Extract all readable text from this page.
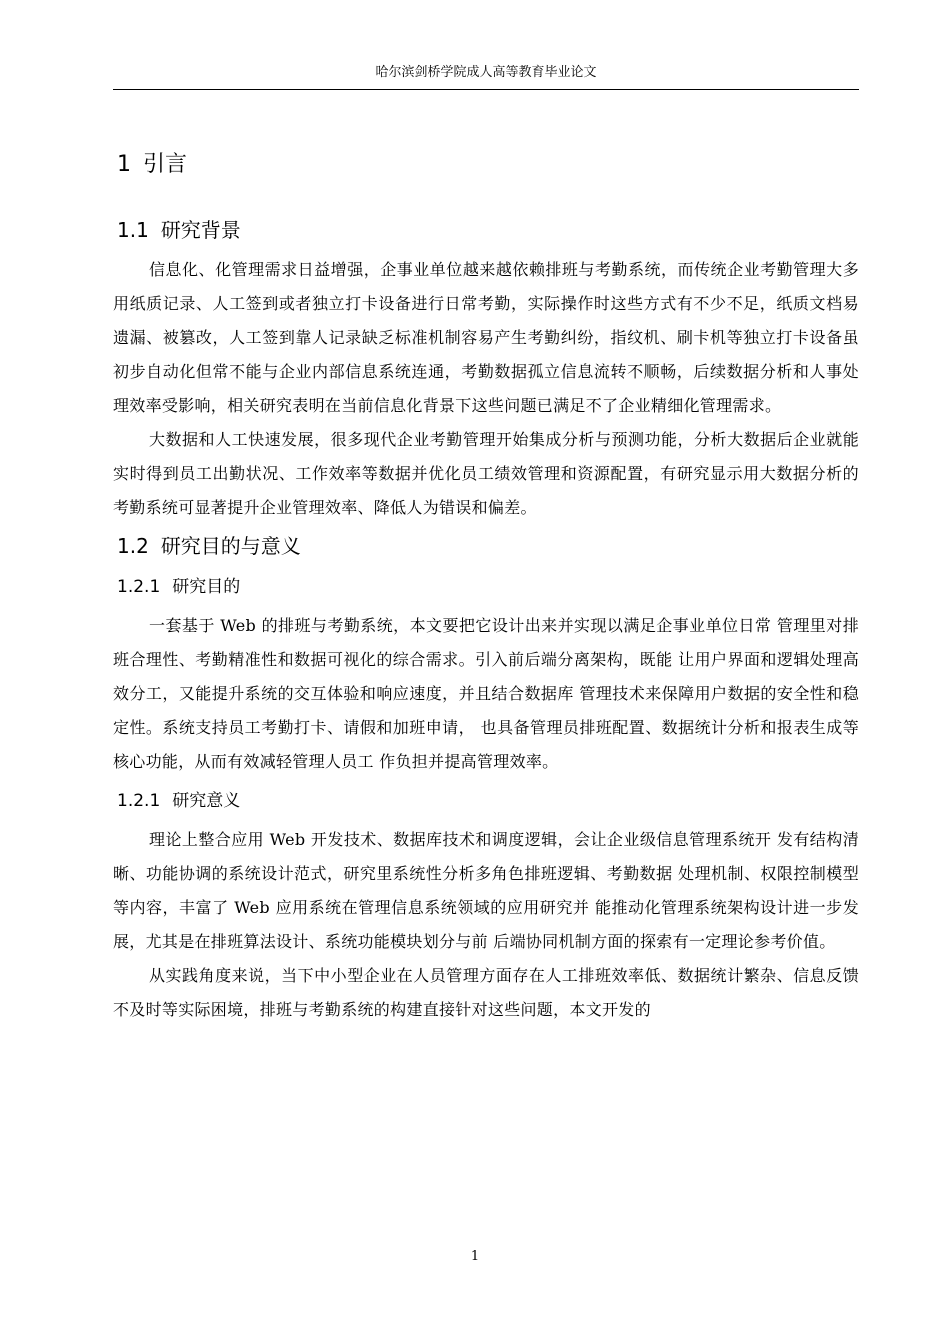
哈尔滨剑桥学院成人高等教育毕业论文
1 引言
1.1 研究背景

信息化、化管理需求日益增强，企事业单位越来越依赖排班与考勤系统，而传统企业考勤管理大多用纸质记录、人工签到或者独立打卡设备进行日常考勤，实际操作时这些方式有不少不足，纸质文档易遗漏、被篡改，人工签到靠人记录缺乏标准机制容易产生考勤纠纷，指纹机、刷卡机等独立打卡设备虽初步自动化但常不能与企业内部信息系统连通，考勤数据孤立信息流转不顺畅，后续数据分析和人事处理效率受影响，相关研究表明在当前信息化背景下这些问题已满足不了企业精细化管理需求。

大数据和人工快速发展，很多现代企业考勤管理开始集成分析与预测功能，分析大数据后企业就能实时得到员工出勤状况、工作效率等数据并优化员工绩效管理和资源配置，有研究显示用大数据分析的考勤系统可显著提升企业管理效率、降低人为错误和偏差。

1.2 研究目的与意义
1.2.1 研究目的

一套基于 Web 的排班与考勤系统，本文要把它设计出来并实现以满足企事业单位日常 管理里对排班合理性、考勤精准性和数据可视化的综合需求。引入前后端分离架构，既能 让用户界面和逻辑处理高效分工，又能提升系统的交互体验和响应速度，并且结合数据库 管理技术来保障用户数据的安全性和稳定性。系统支持员工考勤打卡、请假和加班申请， 也具备管理员排班配置、数据统计分析和报表生成等核心功能，从而有效减轻管理人员工 作负担并提高管理效率。

1.2.1 研究意义

理论上整合应用 Web 开发技术、数据库技术和调度逻辑，会让企业级信息管理系统开 发有结构清晰、功能协调的系统设计范式，研究里系统性分析多角色排班逻辑、考勤数据 处理机制、权限控制模型等内容，丰富了 Web 应用系统在管理信息系统领域的应用研究并 能推动化管理系统架构设计进一步发展，尤其是在排班算法设计、系统功能模块划分与前 后端协同机制方面的探索有一定理论参考价值。

从实践角度来说，当下中小型企业在人员管理方面存在人工排班效率低、数据统计繁杂、信息反馈不及时等实际困境，排班与考勤系统的构建直接针对这些问题，本文开发的

1
